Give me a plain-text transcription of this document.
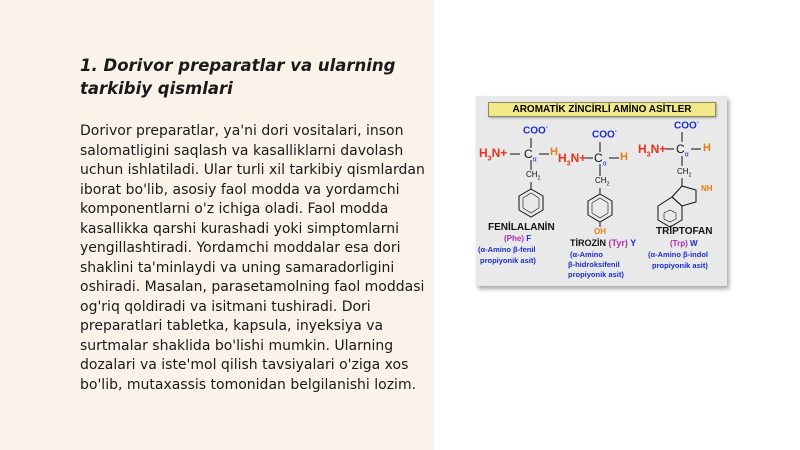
1. Dorivor preparatlar va ularning tarkibiy qismlari
Dorivor preparatlar, ya'ni dori vositalari, inson salomatligini saqlash va kasalliklarni davolash uchun ishlatiladi. Ular turli xil tarkibiy qismlardan iborat bo'lib, asosiy faol modda va yordamchi komponentlarni o'z ichiga oladi. Faol modda kasallikka qarshi kurashadi yoki simptomlarni yengillashtiradi. Yordamchi moddalar esa dori shaklini ta'minlaydi va uning samaradorligini oshiradi. Masalan, parasetamolning faol moddasi og'riq qoldiradi va isitmani tushiradi. Dori preparatlari tabletka, kapsula, inyeksiya va surtmalar shaklida bo'lishi mumkin. Ularning dozalari va iste'mol qilish tavsiyalari o'ziga xos bo'lib, mutaxassis tomonidan belgilanishi lozim.
AROMATİK ZİNCİRLİ AMİNO ASİTLER
COO-
$H_3N+ C_\alpha$
H
$CH_2$
COO-
$H_3N+ C_\alpha$
H
$CH_2$
OH
COO-
$H_3N+ C_\alpha$
H
$CH_2$
NH
FENİLALANİN
(Phe) F
(α-Amino β-fenil
propiyonik asit)
TİROZİN (Tyr) Y
(α-Amino
β-hidroksifenil
propiyonik asit)
TRİPTOFAN
(Trp) W
(α-Amino β-indol
propiyonik asit)
